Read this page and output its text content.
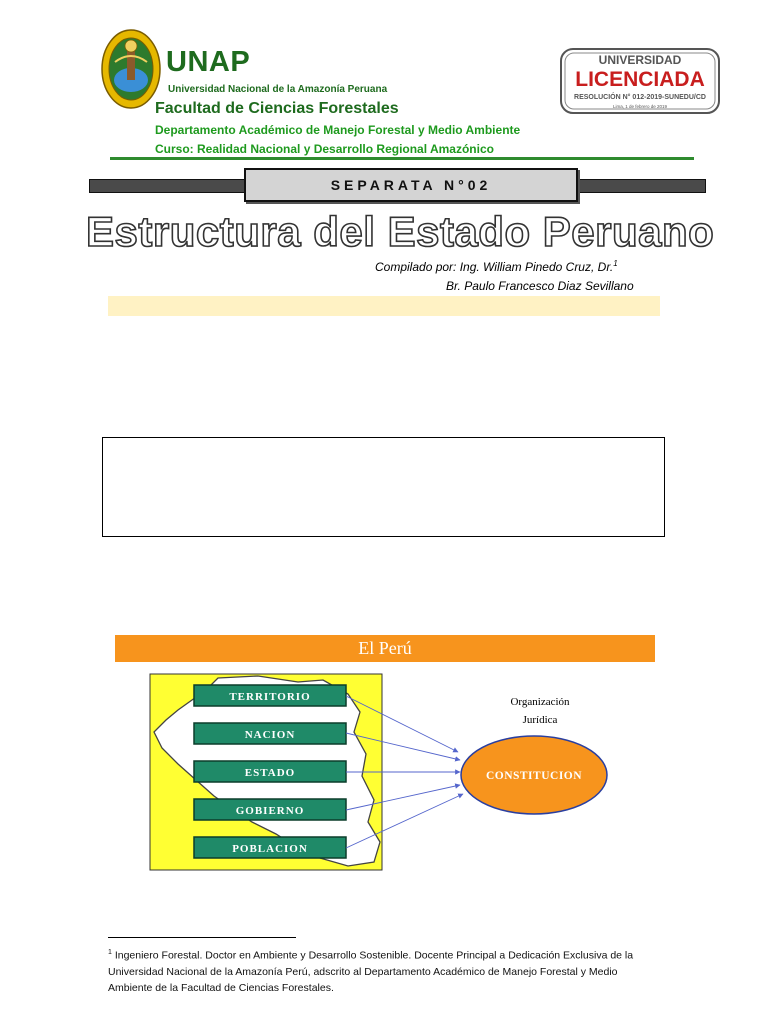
UNAP
Universidad Nacional de la Amazonía Peruana
Facultad de Ciencias Forestales
Departamento Académico de Manejo Forestal y Medio Ambiente
Curso: Realidad Nacional y Desarrollo Regional Amazónico
UNIVERSIDAD
LICENCIADA
RESOLUCIÓN N° 012-2019-SUNEDU/CD
Lima, 1 de febrero de 2019
SEPARATA N°02
Estructura del Estado Peruano
Compilado por: Ing. William Pinedo Cruz, Dr.$^1$
Br. Paulo Francesco Diaz Sevillano
El Perú
TERRITORIO
NACION
ESTADO
GOBIERNO
POBLACION
CONSTITUCION
Organización
Jurídica
$^1$ Ingeniero Forestal. Doctor en Ambiente y Desarrollo Sostenible. Docente Principal a Dedicación Exclusiva de la Universidad Nacional de la Amazonía Perú, adscrito al Departamento Académico de Manejo Forestal y Medio Ambiente de la Facultad de Ciencias Forestales.
